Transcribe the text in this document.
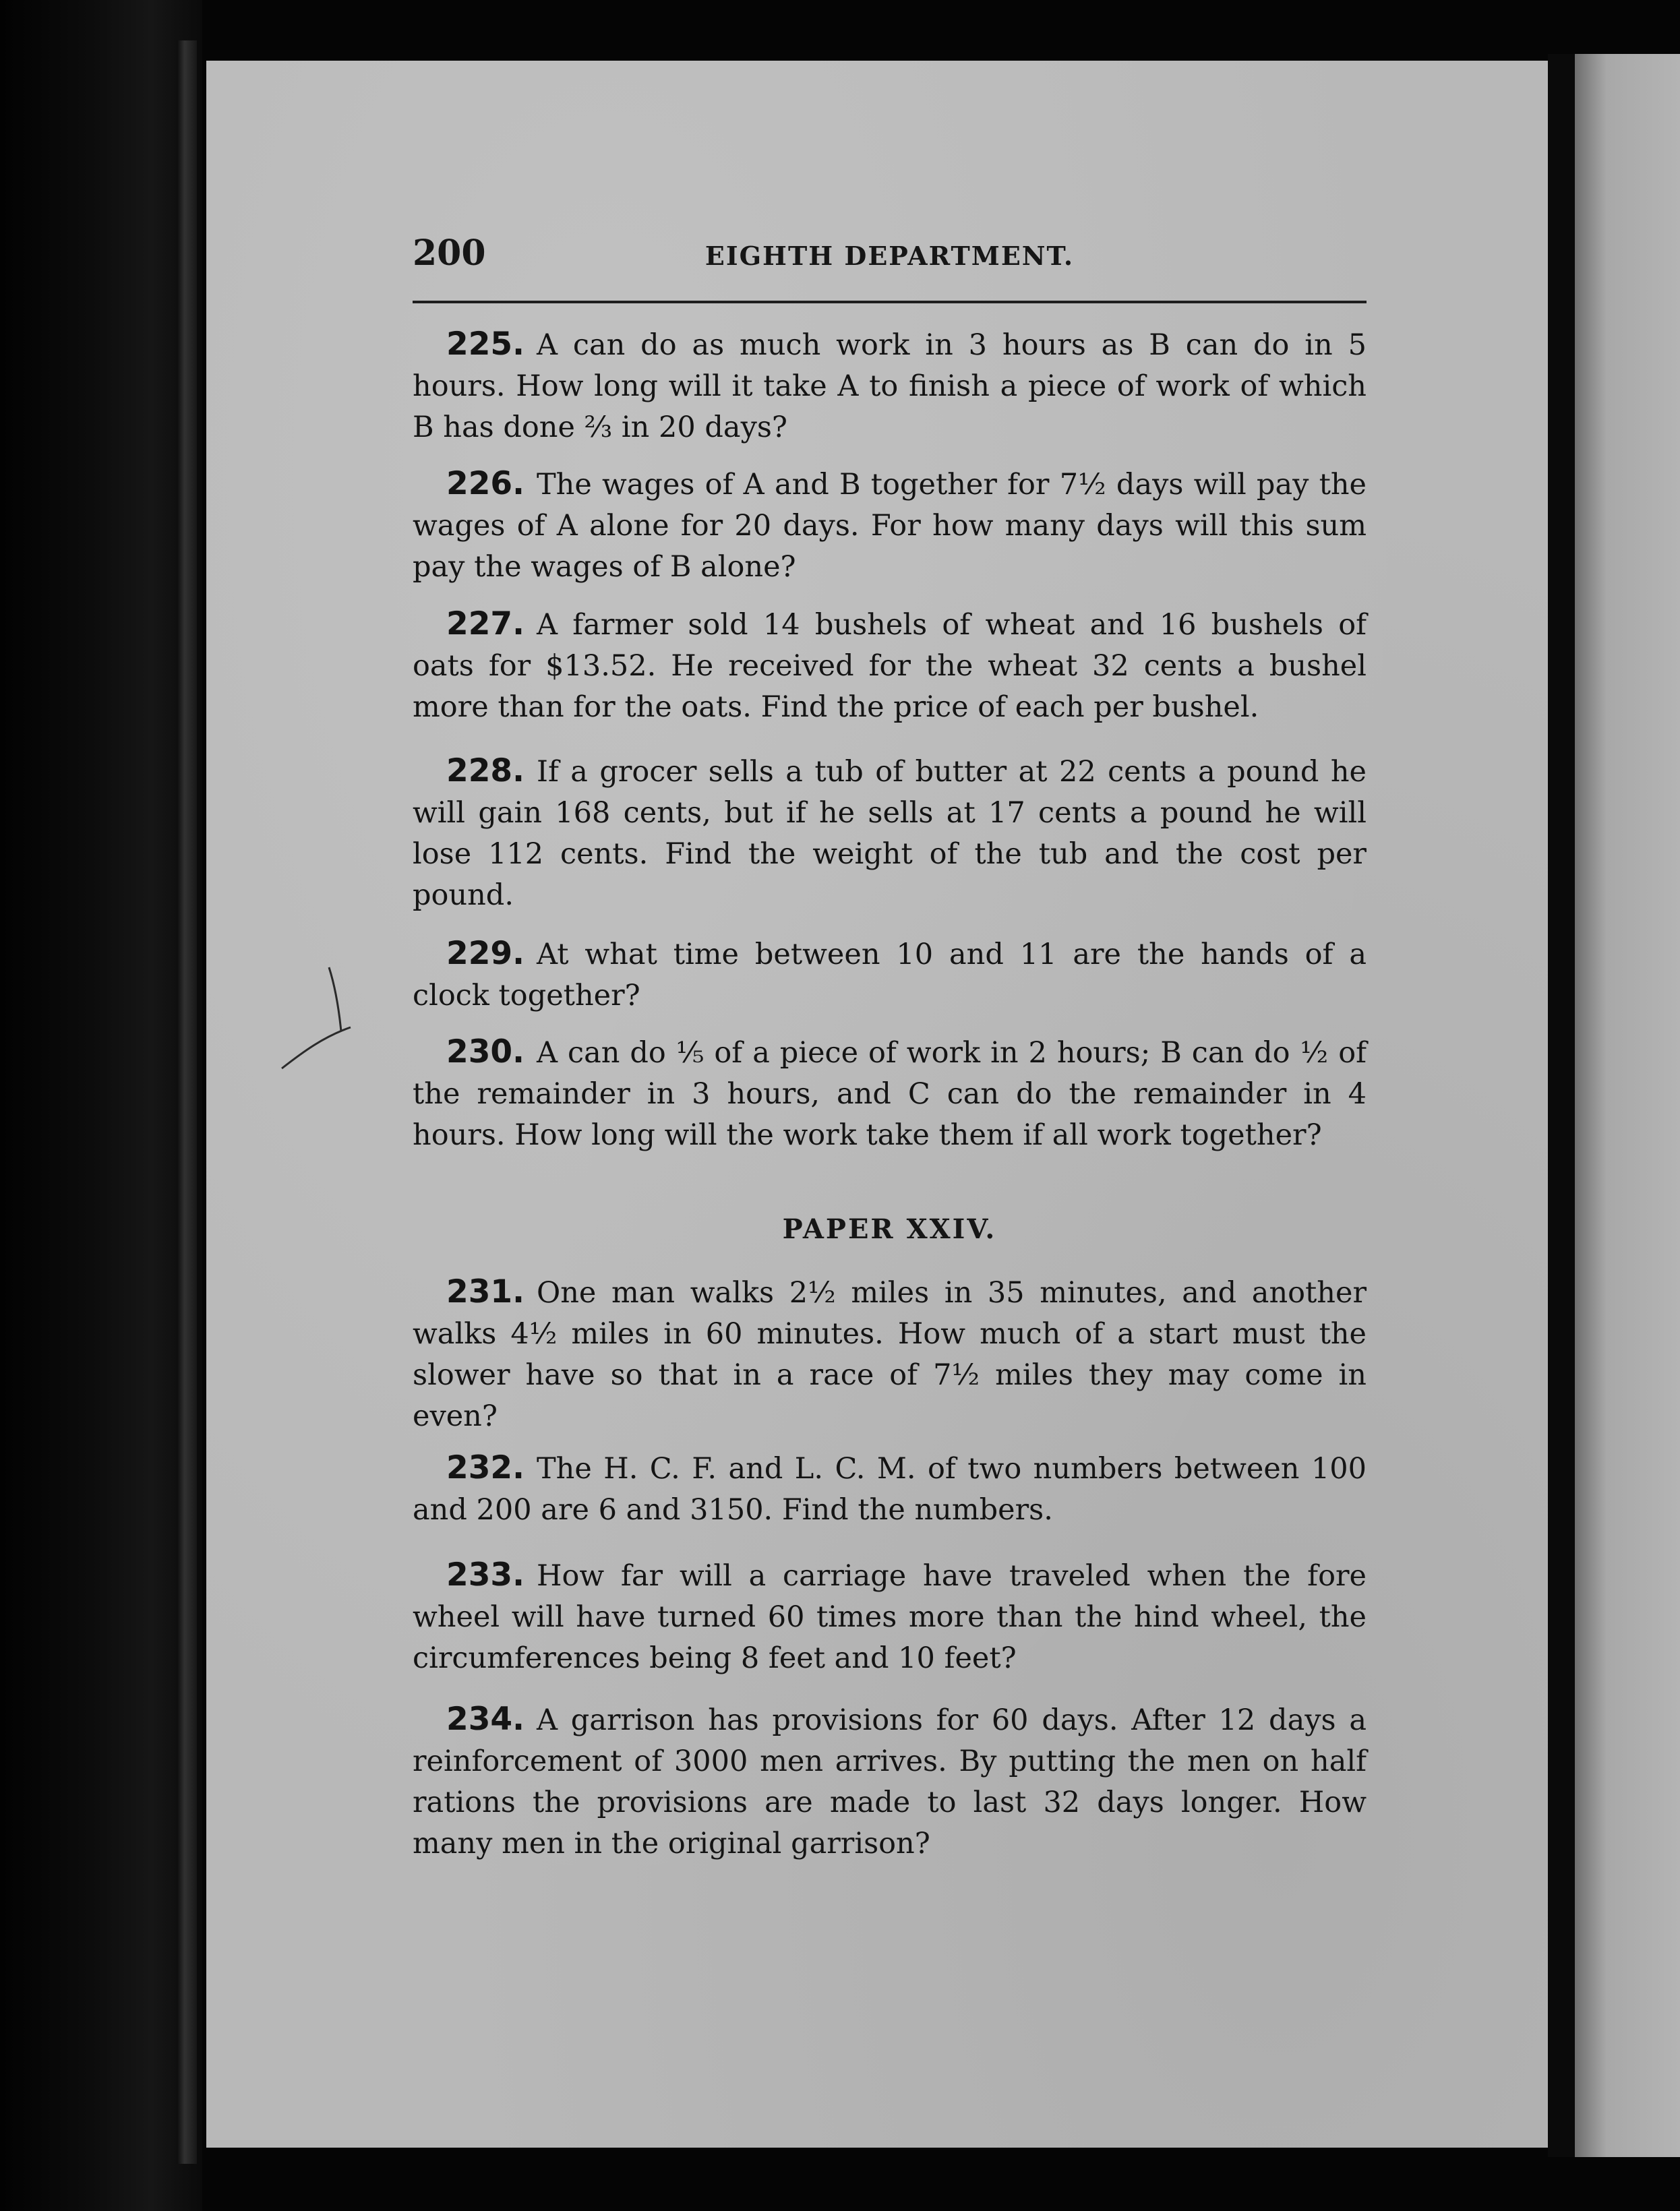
200	EIGHTH DEPARTMENT.

225. A can do as much work in 3 hours as B can do in 5 hours. How long will it take A to finish a piece of work of which B has done ⅔ in 20 days?

226. The wages of A and B together for 7½ days will pay the wages of A alone for 20 days. For how many days will this sum pay the wages of B alone?

227. A farmer sold 14 bushels of wheat and 16 bushels of oats for $13.52. He received for the wheat 32 cents a bushel more than for the oats. Find the price of each per bushel.

228. If a grocer sells a tub of butter at 22 cents a pound he will gain 168 cents, but if he sells at 17 cents a pound he will lose 112 cents. Find the weight of the tub and the cost per pound.

229. At what time between 10 and 11 are the hands of a clock together?

230. A can do ⅕ of a piece of work in 2 hours; B can do ½ of the remainder in 3 hours, and C can do the remainder in 4 hours. How long will the work take them if all work together?

PAPER XXIV.

231. One man walks 2½ miles in 35 minutes, and another walks 4½ miles in 60 minutes. How much of a start must the slower have so that in a race of 7½ miles they may come in even?

232. The H. C. F. and L. C. M. of two numbers between 100 and 200 are 6 and 3150. Find the numbers.

233. How far will a carriage have traveled when the fore wheel will have turned 60 times more than the hind wheel, the circumferences being 8 feet and 10 feet?

234. A garrison has provisions for 60 days. After 12 days a reinforcement of 3000 men arrives. By putting the men on half rations the provisions are made to last 32 days longer. How many men in the original garrison?
